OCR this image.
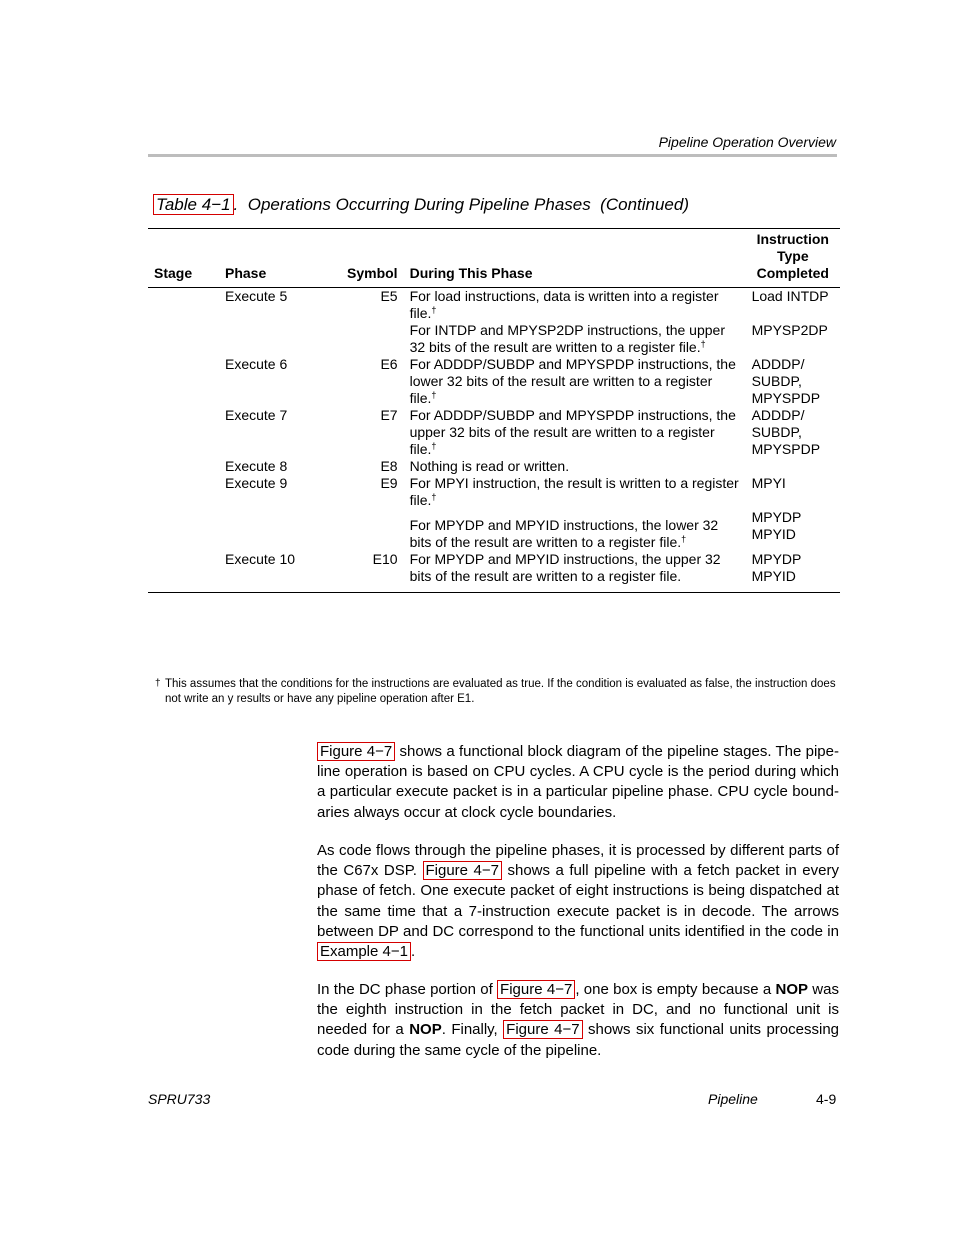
Pipeline Operation Overview
Table 4−1 . Operations Occurring During Pipeline Phases  (Continued)
Stage	Phase	Symbol	During This Phase	Instruction
Type
Completed

	Execute 5	E5	For load instructions, data is written into a register file.†	Load INTDP
			For INTDP and MPYSP2DP instructions, the upper 32 bits of the result are written to a register file.†	MPYSP2DP
	Execute 6	E6	For ADDDP/SUBDP and MPYSPDP instructions, the lower 32 bits of the result are written to a register file.†	ADDDP/
SUBDP,
MPYSPDP

	Execute 7	E7	For ADDDP/SUBDP and MPYSPDP instructions, the upper 32 bits of the result are written to a register file.†	ADDDP/
SUBDP,
MPYSPDP

	Execute 8	E8	Nothing is read or written.	
	Execute 9	E9	For MPYI instruction, the result is written to a register file.†	MPYI
			For MPYDP and MPYID instructions, the lower 32 bits of the result are written to a register file.†	MPYDP
MPYID

	Execute 10	E10	For MPYDP and MPYID instructions, the upper 32 bits of the result are written to a register file.	MPYDP
MPYID
† This assumes that the conditions for the instructions are evaluated as true. If the condition is evaluated as false, the instruction does not write an y results or have any pipeline operation after E1.
Figure 4−7 shows a functional block diagram of the pipeline stages. The pipe-line operation is based on CPU cycles. A CPU cycle is the period during which a particular execute packet is in a particular pipeline phase. CPU cycle bound-aries always occur at clock cycle boundaries.
As code flows through the pipeline phases, it is processed by different parts of the C67x DSP. Figure 4−7 shows a full pipeline with a fetch packet in every phase of fetch. One execute packet of eight instructions is being dispatched at the same time that a 7-instruction execute packet is in decode. The arrows between DP and DC correspond to the functional units identified in the code in Example 4−1 .
In the DC phase portion of Figure 4−7 , one box is empty because a NOP was the eighth instruction in the fetch packet in DC, and no functional unit is needed for a NOP. Finally, Figure 4−7 shows six functional units processing code during the same cycle of the pipeline.
SPRU733	Pipeline	4-9
